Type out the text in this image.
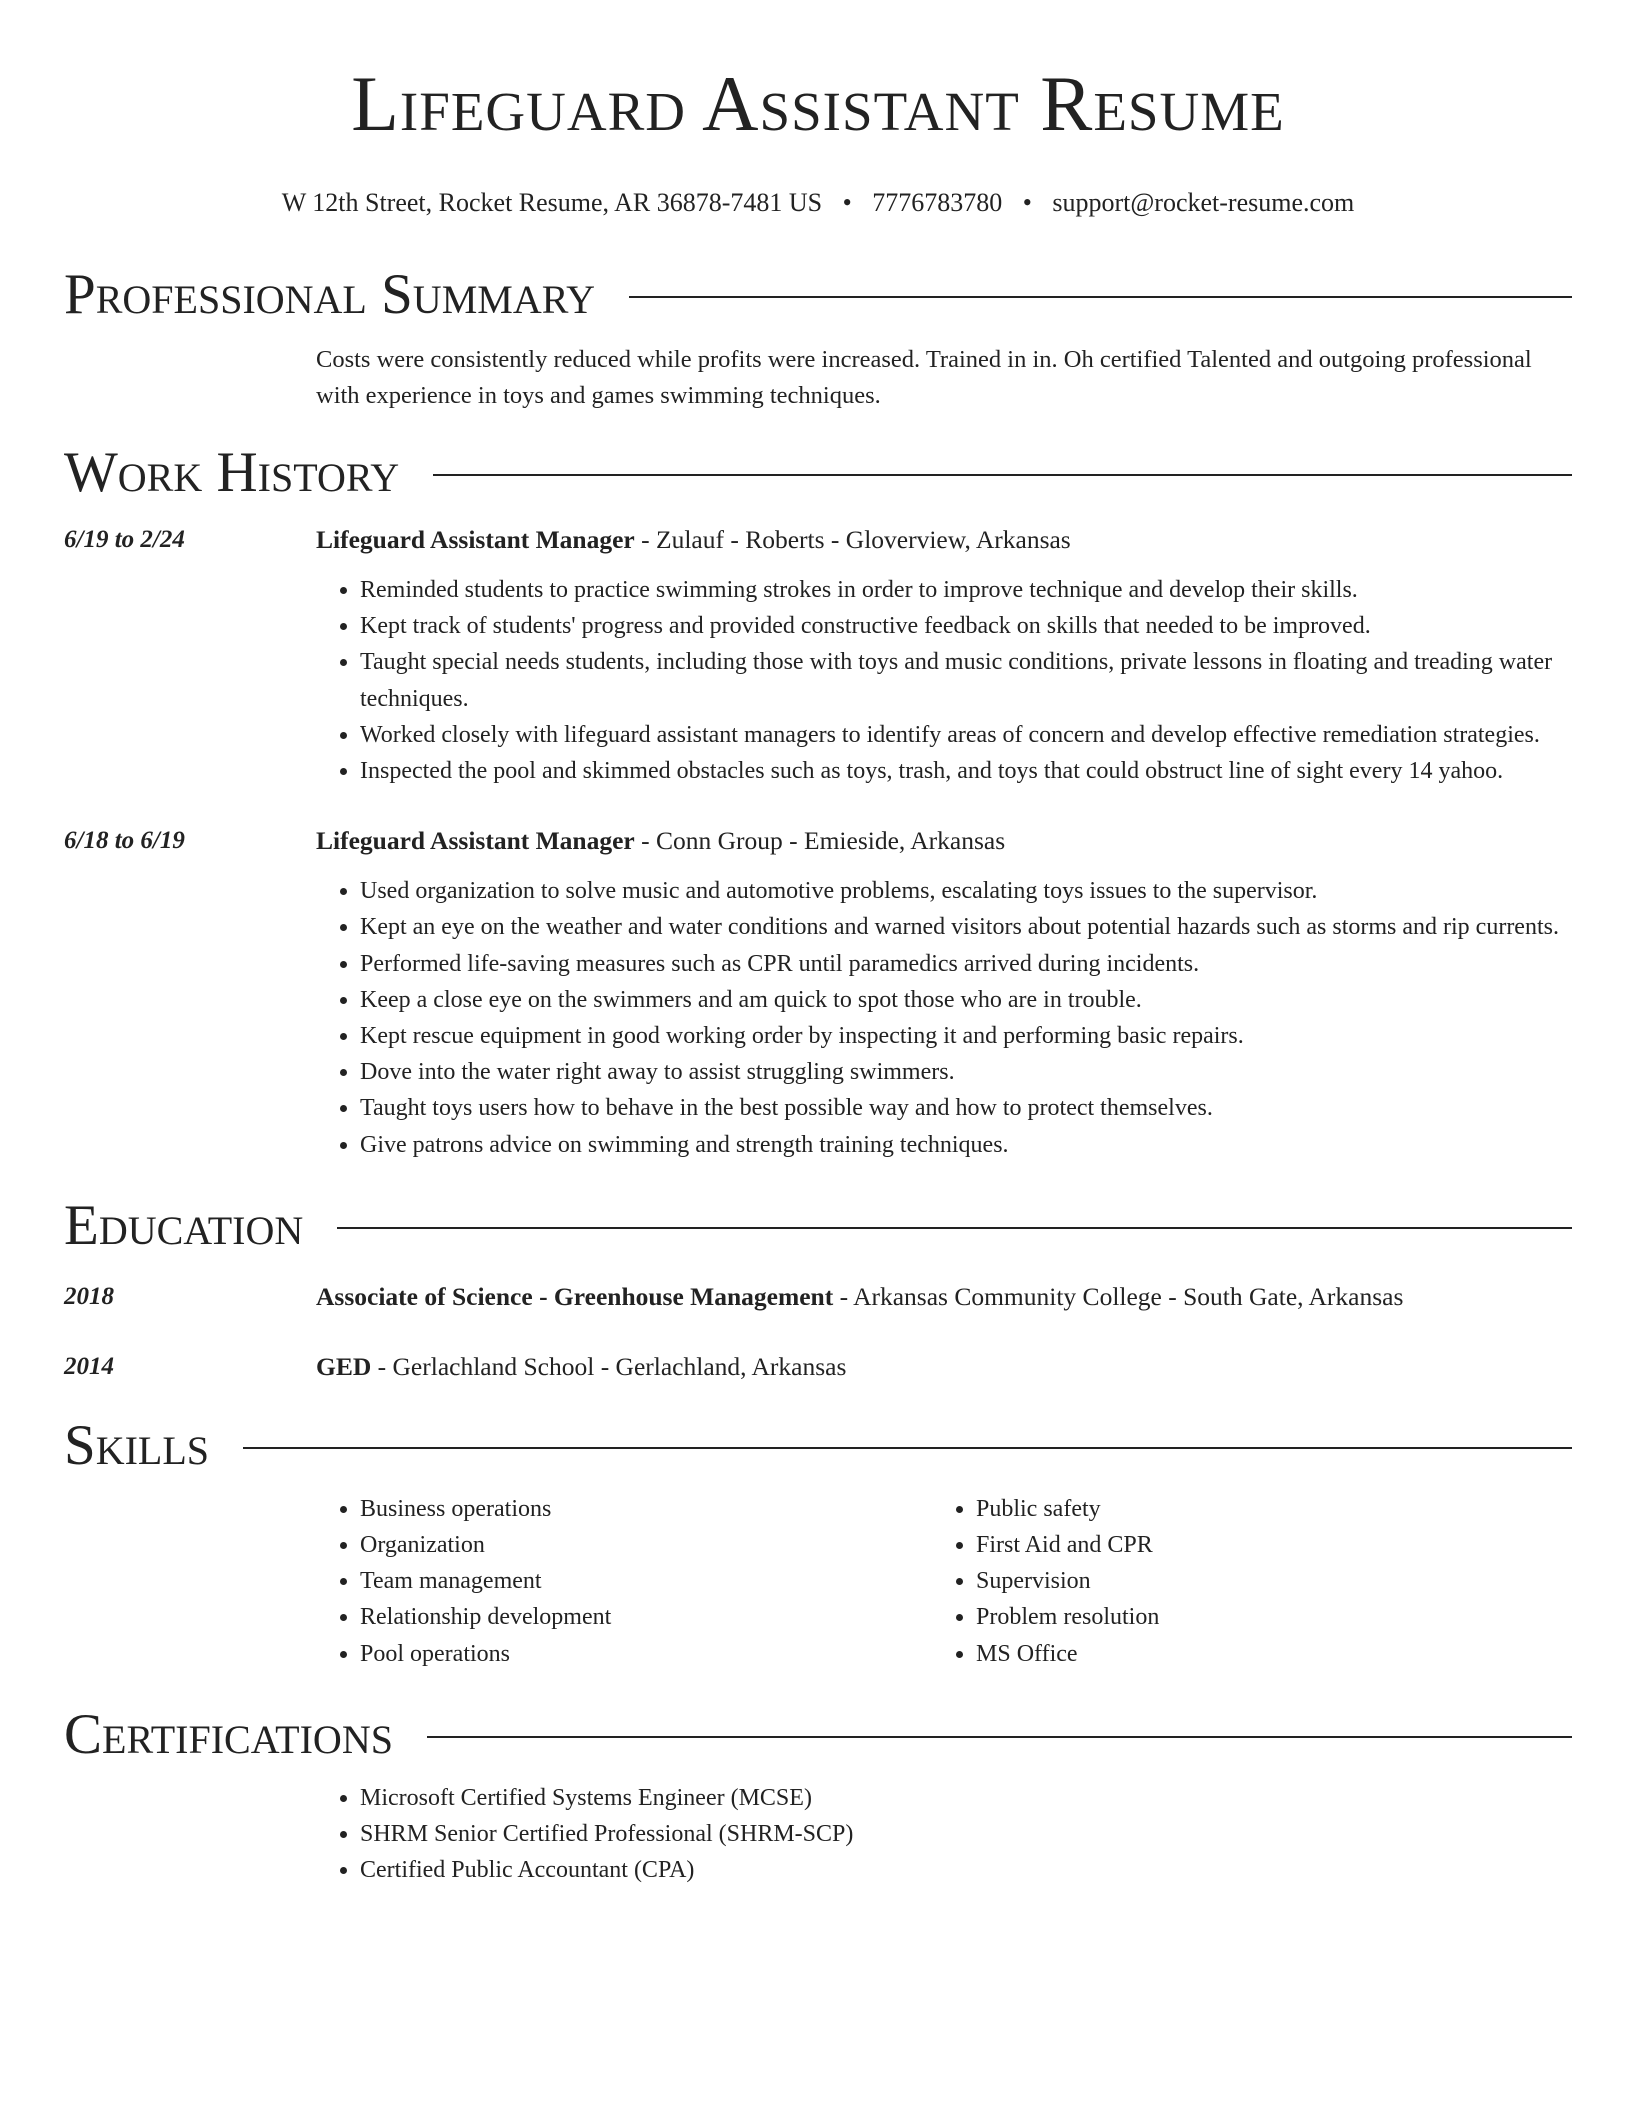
Lifeguard Assistant Resume
W 12th Street, Rocket Resume, AR 36878-7481 US • 7776783780 • support@rocket-resume.com
Professional Summary
Costs were consistently reduced while profits were increased. Trained in in. Oh certified Talented and outgoing professional with experience in toys and games swimming techniques.
Work History
6/19 to 2/24	Lifeguard Assistant Manager - Zulauf - Roberts - Gloverview, Arkansas
• Reminded students to practice swimming strokes in order to improve technique and develop their skills.
• Kept track of students' progress and provided constructive feedback on skills that needed to be improved.
• Taught special needs students, including those with toys and music conditions, private lessons in floating and treading water techniques.
• Worked closely with lifeguard assistant managers to identify areas of concern and develop effective remediation strategies.
• Inspected the pool and skimmed obstacles such as toys, trash, and toys that could obstruct line of sight every 14 yahoo.
6/18 to 6/19	Lifeguard Assistant Manager - Conn Group - Emieside, Arkansas
• Used organization to solve music and automotive problems, escalating toys issues to the supervisor.
• Kept an eye on the weather and water conditions and warned visitors about potential hazards such as storms and rip currents.
• Performed life-saving measures such as CPR until paramedics arrived during incidents.
• Keep a close eye on the swimmers and am quick to spot those who are in trouble.
• Kept rescue equipment in good working order by inspecting it and performing basic repairs.
• Dove into the water right away to assist struggling swimmers.
• Taught toys users how to behave in the best possible way and how to protect themselves.
• Give patrons advice on swimming and strength training techniques.
Education
2018	Associate of Science - Greenhouse Management - Arkansas Community College - South Gate, Arkansas
2014	GED - Gerlachland School - Gerlachland, Arkansas
Skills
• Business operations
• Organization
• Team management
• Relationship development
• Pool operations
• Public safety
• First Aid and CPR
• Supervision
• Problem resolution
• MS Office
Certifications
• Microsoft Certified Systems Engineer (MCSE)
• SHRM Senior Certified Professional (SHRM-SCP)
• Certified Public Accountant (CPA)
